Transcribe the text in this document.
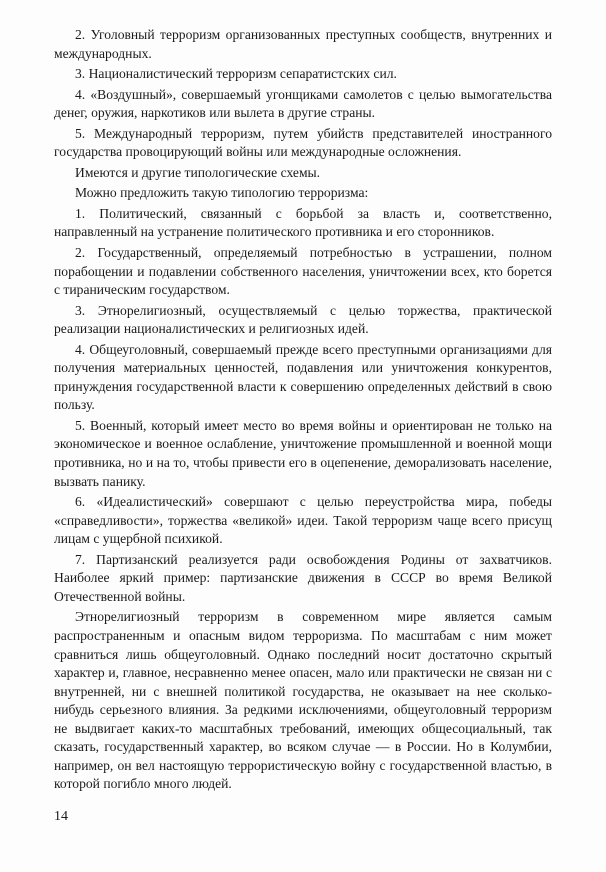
2. Уголовный терроризм организованных преступных сообществ, внутренних и международных.

3. Националистический терроризм сепаратистских сил.

4. «Воздушный», совершаемый угонщиками самолетов с целью вымогательства денег, оружия, наркотиков или вылета в другие страны.

5. Международный терроризм, путем убийств представителей иностранного государства провоцирующий войны или международные осложнения.

Имеются и другие типологические схемы.

Можно предложить такую типологию терроризма:

1. Политический, связанный с борьбой за власть и, соответственно, направленный на устранение политического противника и его сторонников.

2. Государственный, определяемый потребностью в устрашении, полном порабощении и подавлении собственного населения, уничтожении всех, кто борется с тираническим государством.

3. Этнорелигиозный, осуществляемый с целью торжества, практической реализации националистических и религиозных идей.

4. Общеуголовный, совершаемый прежде всего преступными организациями для получения материальных ценностей, подавления или уничтожения конкурентов, принуждения государственной власти к совершению определенных действий в свою пользу.

5. Военный, который имеет место во время войны и ориентирован не только на экономическое и военное ослабление, уничтожение промышленной и военной мощи противника, но и на то, чтобы привести его в оцепенение, деморализовать население, вызвать панику.

6. «Идеалистический» совершают с целью переустройства мира, победы «справедливости», торжества «великой» идеи. Такой терроризм чаще всего присущ лицам с ущербной психикой.

7. Партизанский реализуется ради освобождения Родины от захватчиков. Наиболее яркий пример: партизанские движения в СССР во время Великой Отечественной войны.

Этнорелигиозный терроризм в современном мире является самым распространенным и опасным видом терроризма. По масштабам с ним может сравниться лишь общеуголовный. Однако последний носит достаточно скрытый характер и, главное, несравненно менее опасен, мало или практически не связан ни с внутренней, ни с внешней политикой государства, не оказывает на нее сколько-нибудь серьезного влияния. За редкими исключениями, общеуголовный терроризм не выдвигает каких-то масштабных требований, имеющих общесоциальный, так сказать, государственный характер, во всяком случае — в России. Но в Колумбии, например, он вел настоящую террористическую войну с государственной властью, в которой погибло много людей.

14
